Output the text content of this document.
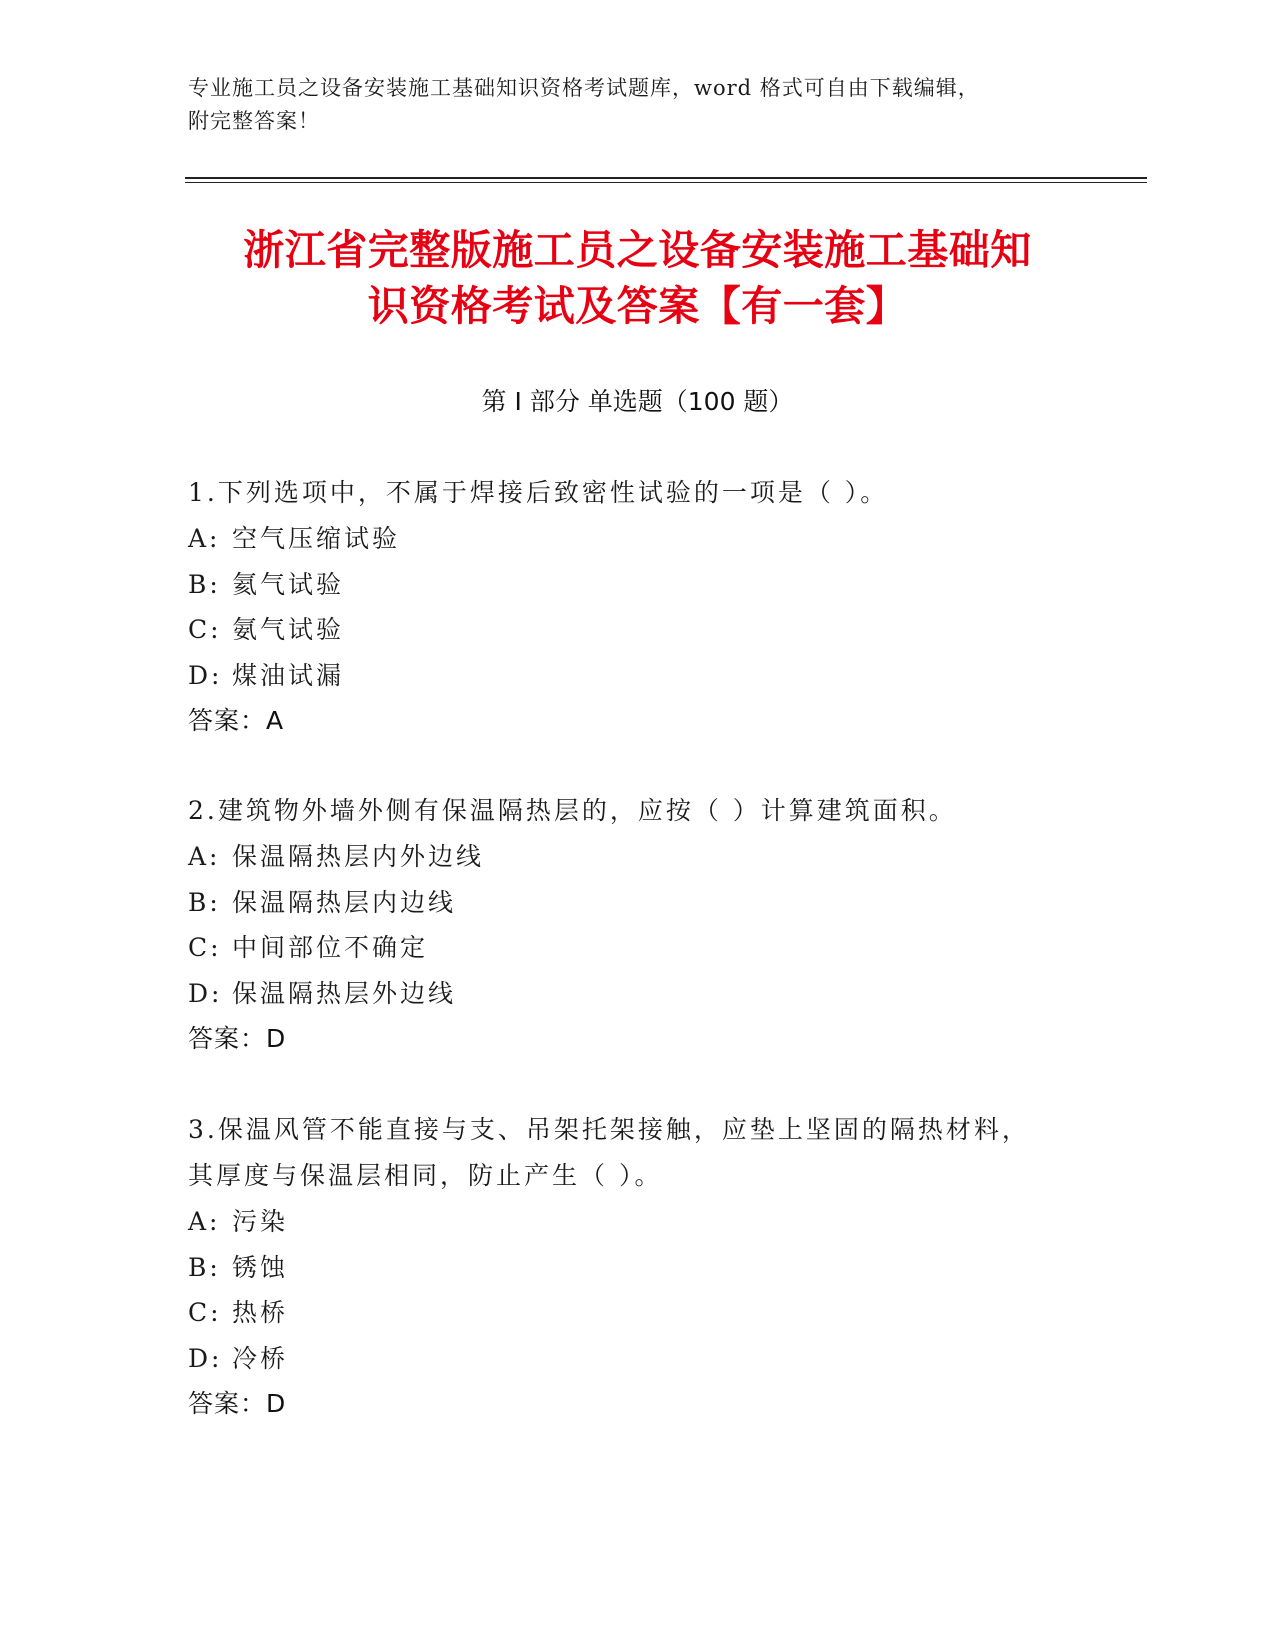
专业施工员之设备安装施工基础知识资格考试题库，word 格式可自由下载编辑，
附完整答案！
浙江省完整版施工员之设备安装施工基础知
识资格考试及答案【有一套】
第 I 部分 单选题（100 题）
1.下列选项中，不属于焊接后致密性试验的一项是（ ）。
A: 空气压缩试验
B: 氦气试验
C: 氨气试验
D: 煤油试漏
答案：A
2.建筑物外墙外侧有保温隔热层的，应按（ ）计算建筑面积。
A: 保温隔热层内外边线
B: 保温隔热层内边线
C: 中间部位不确定
D: 保温隔热层外边线
答案：D
3.保温风管不能直接与支、吊架托架接触，应垫上坚固的隔热材料，
其厚度与保温层相同，防止产生（ ）。
A: 污染
B: 锈蚀
C: 热桥
D: 冷桥
答案：D
